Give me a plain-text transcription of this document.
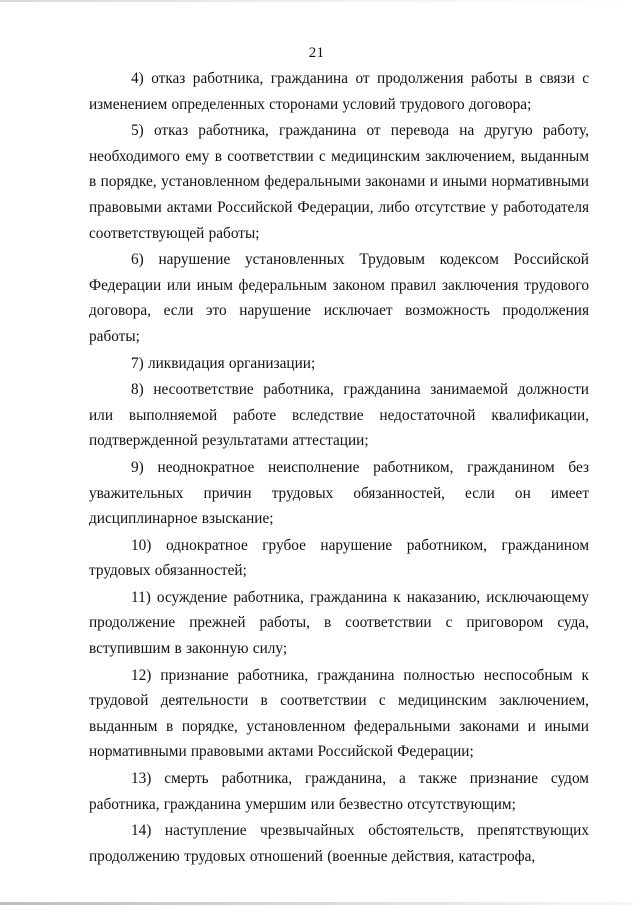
21

4) отказ работника, гражданина от продолжения работы в связи с изменением определенных сторонами условий трудового договора;

5) отказ работника, гражданина от перевода на другую работу, необходимого ему в соответствии с медицинским заключением, выданным в порядке, установленном федеральными законами и иными нормативными правовыми актами Российской Федерации, либо отсутствие у работодателя соответствующей работы;

6) нарушение установленных Трудовым кодексом Российской Федерации или иным федеральным законом правил заключения трудового договора, если это нарушение исключает возможность продолжения работы;

7) ликвидация организации;

8) несоответствие работника, гражданина занимаемой должности или выполняемой работе вследствие недостаточной квалификации, подтвержденной результатами аттестации;

9) неоднократное неисполнение работником, гражданином без уважительных причин трудовых обязанностей, если он имеет дисциплинарное взыскание;

10) однократное грубое нарушение работником, гражданином трудовых обязанностей;

11) осуждение работника, гражданина к наказанию, исключающему продолжение прежней работы, в соответствии с приговором суда, вступившим в законную силу;

12) признание работника, гражданина полностью неспособным к трудовой деятельности в соответствии с медицинским заключением, выданным в порядке, установленном федеральными законами и иными нормативными правовыми актами Российской Федерации;

13) смерть работника, гражданина, а также признание судом работника, гражданина умершим или безвестно отсутствующим;

14) наступление чрезвычайных обстоятельств, препятствующих продолжению трудовых отношений (военные действия, катастрофа,
